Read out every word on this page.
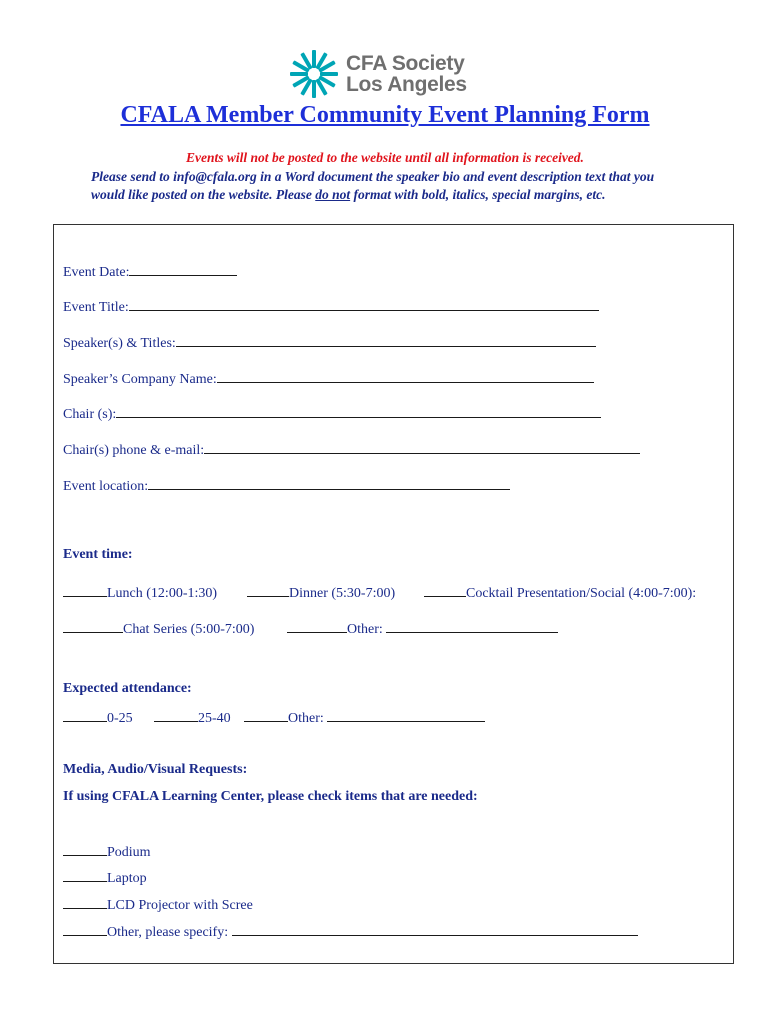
CFA Society
Los Angeles
CFALA Member Community Event Planning Form
Events will not be posted to the website until all information is received.
Please send to info@cfala.org in a Word document the speaker bio and event description text that you would like posted on the website. Please do not format with bold, italics, special margins, etc.
Event Date:
Event Title:
Speaker(s) & Titles:
Speaker’s Company Name:
Chair (s):
Chair(s) phone & e-mail:
Event location:
Event time:
Lunch (12:00-1:30)	Dinner (5:30-7:00)	Cocktail Presentation/Social (4:00-7:00):
Chat Series (5:00-7:00)	Other:
Expected attendance:
0-25	25-40	Other:
Media, Audio/Visual Requests:
If using CFALA Learning Center, please check items that are needed:
Podium
Laptop
LCD Projector with Scree
Other, please specify:
